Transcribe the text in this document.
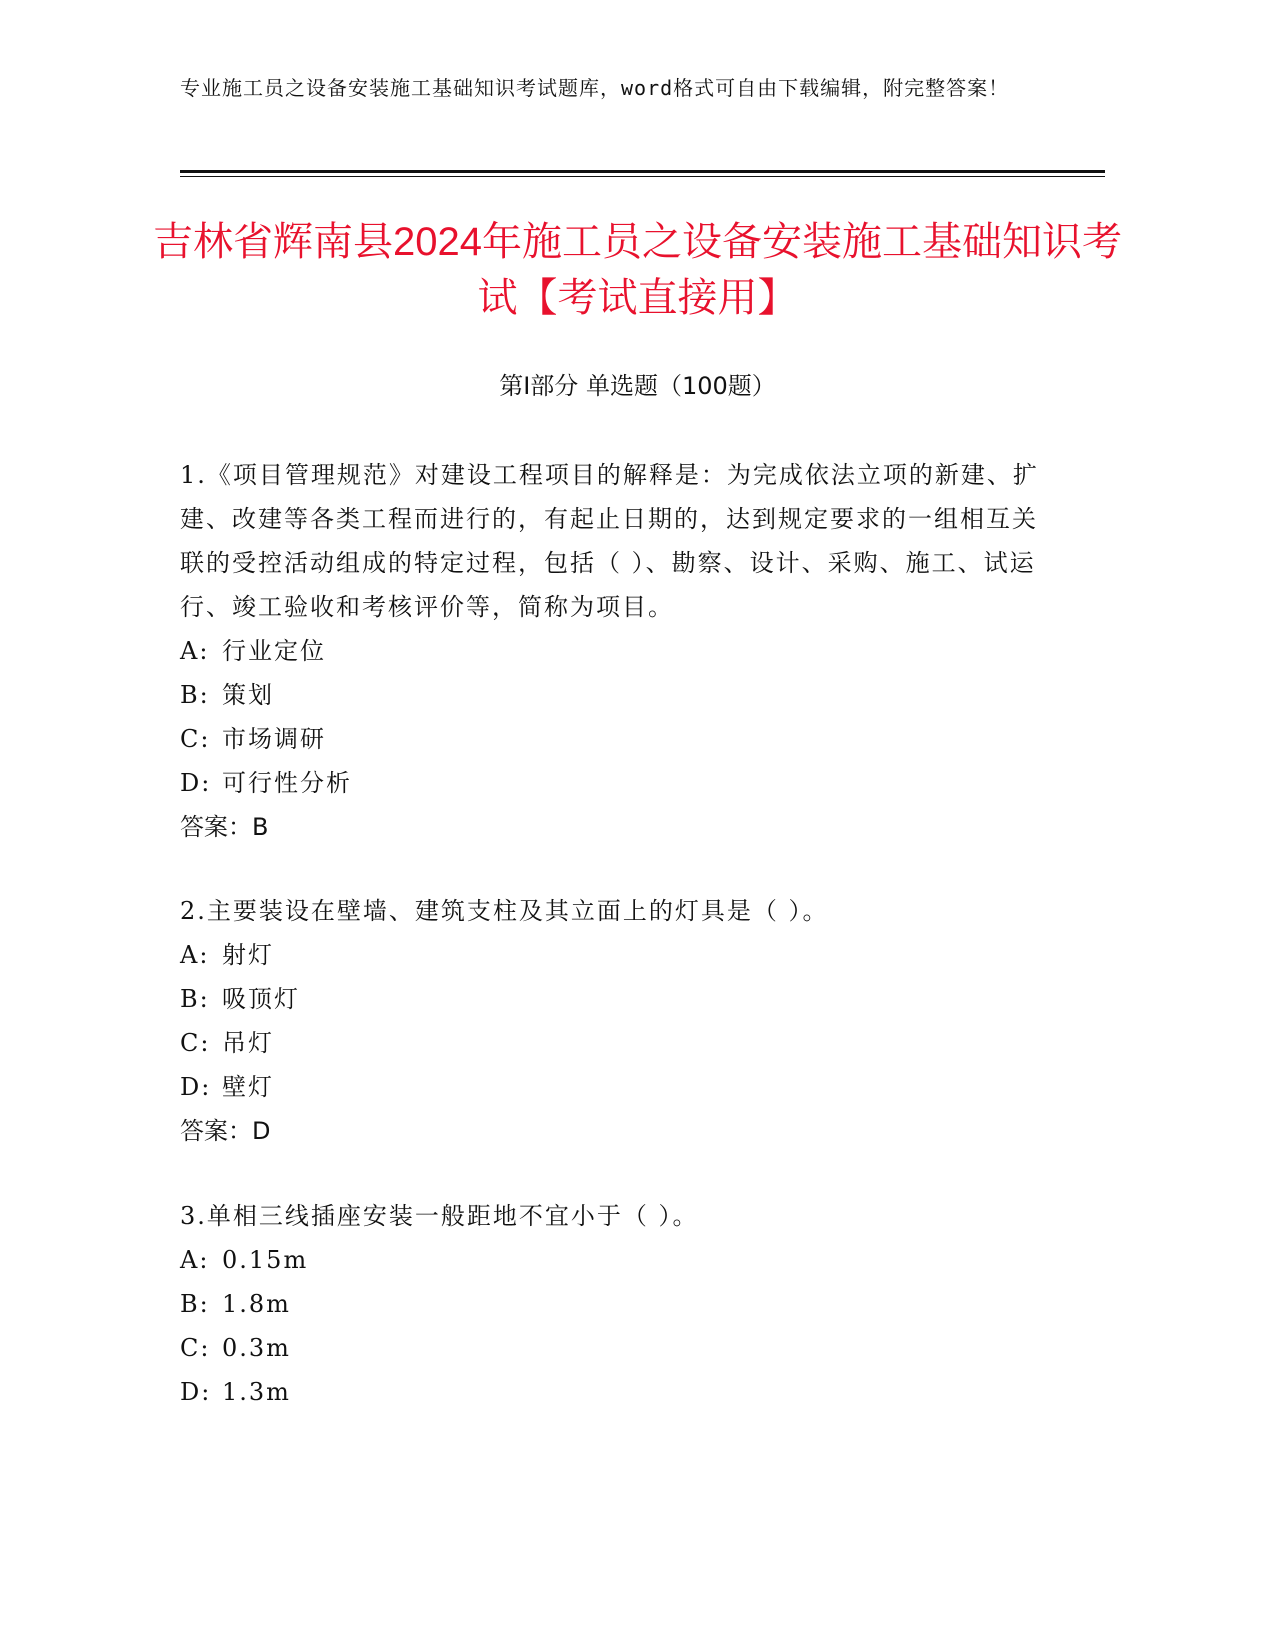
专业施工员之设备安装施工基础知识考试题库，word格式可自由下载编辑，附完整答案！
吉林省辉南县2024年施工员之设备安装施工基础知识考试【考试直接用】
第I部分 单选题（100题）

1.《项目管理规范》对建设工程项目的解释是：为完成依法立项的新建、扩建、改建等各类工程而进行的，有起止日期的，达到规定要求的一组相互关联的受控活动组成的特定过程，包括（ ）、勘察、设计、采购、施工、试运行、竣工验收和考核评价等，简称为项目。

A: 行业定位

B: 策划

C: 市场调研

D: 可行性分析

答案：B

2.主要装设在壁墙、建筑支柱及其立面上的灯具是（ ）。

A: 射灯

B: 吸顶灯

C: 吊灯

D: 壁灯

答案：D

3.单相三线插座安装一般距地不宜小于（ ）。

A: 0.15m

B: 1.8m

C: 0.3m

D: 1.3m
